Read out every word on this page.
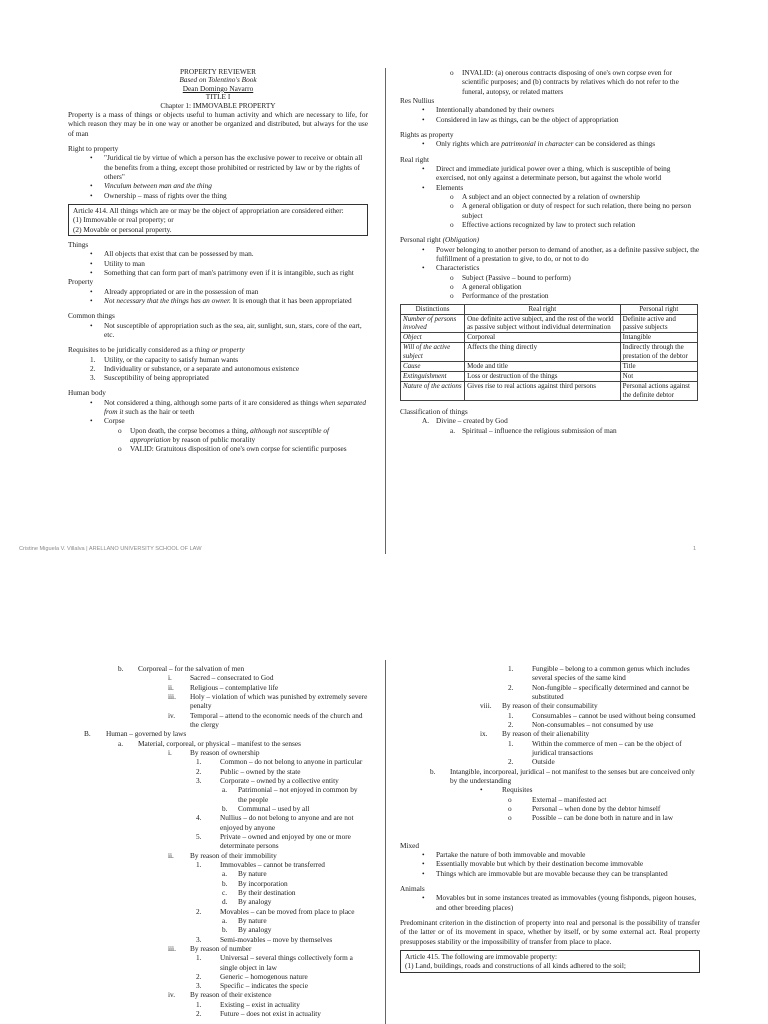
PROPERTY REVIEWER
Based on Tolentino's Book
Dean Domingo Navarro
TITLE I
Chapter 1: IMMOVABLE PROPERTY

Property is a mass of things or objects useful to human activity and which are necessary to life, for which reason they may be in one way or another be organized and distributed, but always for the use of man

Right to property

• "Juridical tie by virtue of which a person has the exclusive power to receive or obtain all the benefits from a thing, except those prohibited or restricted by law or by the rights of others"
• Vinculum between man and the thing
• Ownership – mass of rights over the thing
Article 414. All things which are or may be the object of appropriation are considered either:
(1) Immovable or real property; or
(2) Movable or personal property.

Things

• All objects that exist that can be possessed by man.
• Utility to man
• Something that can form part of man's patrimony even if it is intangible, such as right

Property

• Already appropriated or are in the possession of man
• Not necessary that the things has an owner. It is enough that it has been appropriated

Common things

• Not susceptible of appropriation such as the sea, air, sunlight, sun, stars, core of the eart, etc.

Requisites to be juridically considered as a thing or property

1. Utility, or the capacity to satisfy human wants
2. Individuality or substance, or a separate and autonomous existence
3. Susceptibility of being appropriated

Human body

• Not considered a thing, although some parts of it are considered as things when separated from it such as the hair or teeth
• Corpse
o Upon death, the corpse becomes a thing, although not susceptible of appropriation by reason of public morality
o VALID: Gratuitous disposition of one's own corpse for scientific purposes
o INVALID: (a) onerous contracts disposing of one's own corpse even for scientific purposes; and (b) contracts by relatives which do not refer to the funeral, autopsy, or related matters

Res Nullius

• Intentionally abandoned by their owners
• Considered in law as things, can be the object of appropriation

Rights as property

• Only rights which are patrimonial in character can be considered as things

Real right

• Direct and immediate juridical power over a thing, which is susceptible of being exercised, not only against a determinate person, but against the whole world
• Elements
o A subject and an object connected by a relation of ownership
o A general obligation or duty of respect for such relation, there being no person subject
o Effective actions recognized by law to protect such relation

Personal right (Obligation)

• Power belonging to another person to demand of another, as a definite passive subject, the fulfillment of a prestation to give, to do, or not to do
• Characteristics
o Subject (Passive – bound to perform)
o A general obligation
o Performance of the prestation
Distinctions	Real right	Personal right
Number of persons involved	One definite active subject, and the rest of the world as passive subject without individual determination	Definite active and passive subjects
Object	Corporeal	Intangible
Will of the active subject	Affects the thing directly	Indirectly through the prestation of the debtor
Cause	Mode and title	Title
Extinguishment	Loss or destruction of the things	Not
Nature of the actions	Gives rise to real actions against third persons	Personal actions against the definite debtor

Classification of things

A. Divine – created by God
a. Spiritual – influence the religious submission of man
Cristine Miguela V. Villalva | ARELLANO UNIVERSITY SCHOOL OF LAW	1
b. Corporeal – for the salvation of men
i. Sacred – consecrated to God
ii. Religious – contemplative life
iii. Holy – violation of which was punished by extremely severe penalty
iv. Temporal – attend to the economic needs of the church and the clergy
B. Human – governed by laws
a. Material, corporeal, or physical – manifest to the senses
i. By reason of ownership
1.	Common – do not belong to anyone in particular
2.	Public – owned by the state
3.	Corporate – owned by a collective entity
a. Patrimonial – not enjoyed in common by the people
b. Communal – used by all
4.	Nullius – do not belong to anyone and are not enjoyed by anyone
5.	Private – owned and enjoyed by one or more determinate persons
ii. By reason of their immobility
1.	Immovables – cannot be transferred
a. By nature
b. By incorporation
c. By their destination
d. By analogy
2.	Movables – can be moved from place to place
a. By nature
b. By analogy
3.	Semi-movables – move by themselves
iii. By reason of number
1.	Universal – several things collectively form a single object in law
2.	Generic – homogenous nature
3.	Specific – indicates the specie
iv. By reason of their existence
1.	Existing – exist in actuality
2.	Future – does not exist in actuality
1.	Fungible – belong to a common genus which includes several species of the same kind
2.	Non-fungible – specifically determined and cannot be substituted
viii. By reason of their consumability
1.	Consumables – cannot be used without being consumed
2.	Non-consumables – not consumed by use
ix. By reason of their alienability
1.	Within the commerce of men – can be the object of juridical transactions
2.	Outside
b. Intangible, incorporeal, juridical – not manifest to the senses but are conceived only by the understanding
•	Requisites
o	External – manifested act
o	Personal – when done by the debtor himself
o	Possible – can be done both in nature and in law

Mixed

• Partake the nature of both immovable and movable
• Essentially movable but which by their destination become immovable
• Things which are immovable but are movable because they can be transplanted

Animals

• Movables but in some instances treated as immovables (young fishponds, pigeon houses, and other breeding places)

Predominant criterion in the distinction of property into real and personal is the possibility of transfer of the latter or of its movement in space, whether by itself, or by some external act. Real property presupposes stability or the impossibility of transfer from place to place.

Article 415. The following are immovable property:
(1) Land, buildings, roads and constructions of all kinds adhered to the soil;
